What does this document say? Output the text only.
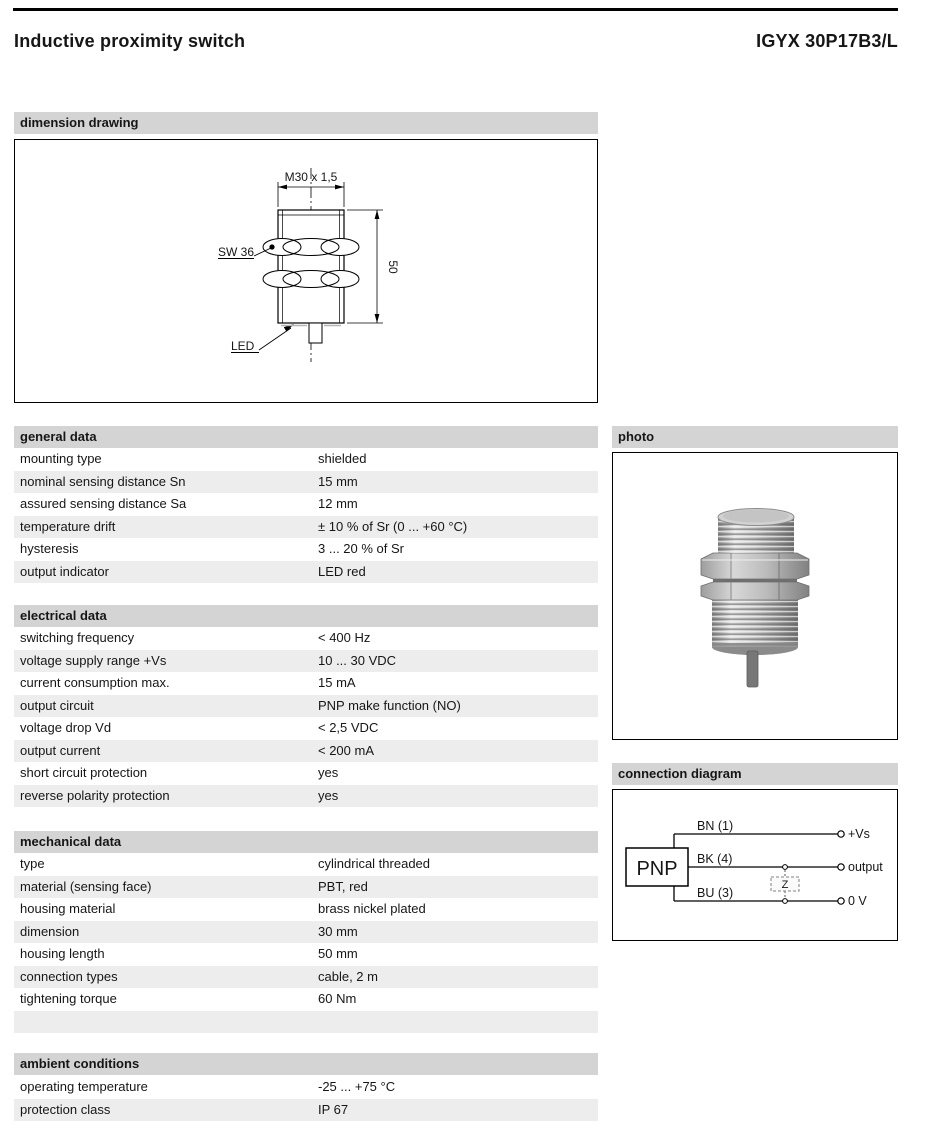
Inductive proximity switch	IGYX 30P17B3/L
dimension drawing
M30 x 1,5
50
SW 36
LED
general data
mounting type	shielded
nominal sensing distance Sn	15 mm
assured sensing distance Sa	12 mm
temperature drift	± 10 % of Sr (0 ... +60 °C)
hysteresis	3 ... 20 % of Sr
output indicator	LED red
electrical data
switching frequency	< 400 Hz
voltage supply range +Vs	10 ... 30 VDC
current consumption max.	15 mA
output circuit	PNP make function (NO)
voltage drop Vd	< 2,5 VDC
output current	< 200 mA
short circuit protection	yes
reverse polarity protection	yes
mechanical data
type	cylindrical threaded
material (sensing face)	PBT, red
housing material	brass nickel plated
dimension	30 mm
housing length	50 mm
connection types	cable, 2 m
tightening torque	60 Nm
ambient conditions
operating temperature	-25 ... +75 °C
protection class	IP 67
photo
connection diagram
PNP
Z
BN (1)
BK (4)
BU (3)
+Vs
output
0 V
